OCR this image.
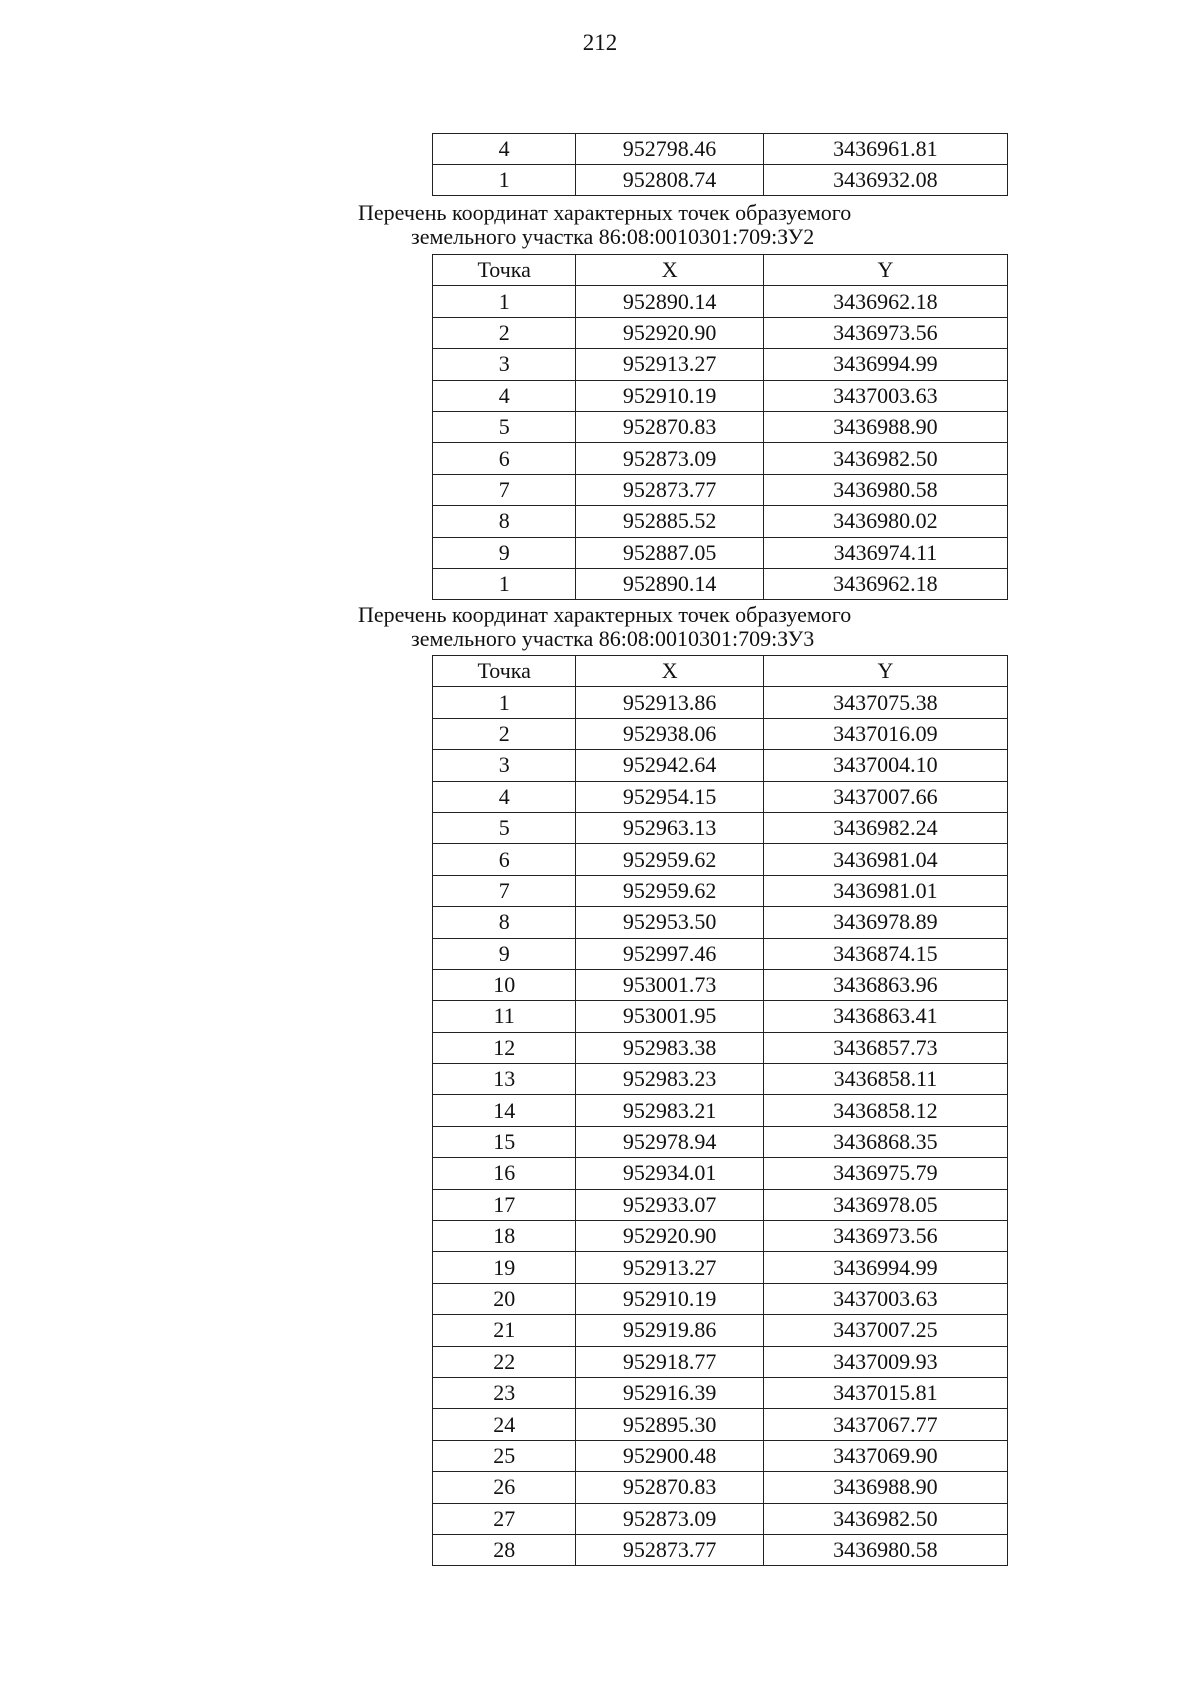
212
4	952798.46	3436961.81
1	952808.74	3436932.08
Перечень координат характерных точек образуемого
земельного участка 86:08:0010301:709:ЗУ2
Точка	X	Y
1	952890.14	3436962.18
2	952920.90	3436973.56
3	952913.27	3436994.99
4	952910.19	3437003.63
5	952870.83	3436988.90
6	952873.09	3436982.50
7	952873.77	3436980.58
8	952885.52	3436980.02
9	952887.05	3436974.11
1	952890.14	3436962.18
Перечень координат характерных точек образуемого
земельного участка 86:08:0010301:709:ЗУ3
Точка	X	Y
1	952913.86	3437075.38
2	952938.06	3437016.09
3	952942.64	3437004.10
4	952954.15	3437007.66
5	952963.13	3436982.24
6	952959.62	3436981.04
7	952959.62	3436981.01
8	952953.50	3436978.89
9	952997.46	3436874.15
10	953001.73	3436863.96
11	953001.95	3436863.41
12	952983.38	3436857.73
13	952983.23	3436858.11
14	952983.21	3436858.12
15	952978.94	3436868.35
16	952934.01	3436975.79
17	952933.07	3436978.05
18	952920.90	3436973.56
19	952913.27	3436994.99
20	952910.19	3437003.63
21	952919.86	3437007.25
22	952918.77	3437009.93
23	952916.39	3437015.81
24	952895.30	3437067.77
25	952900.48	3437069.90
26	952870.83	3436988.90
27	952873.09	3436982.50
28	952873.77	3436980.58
